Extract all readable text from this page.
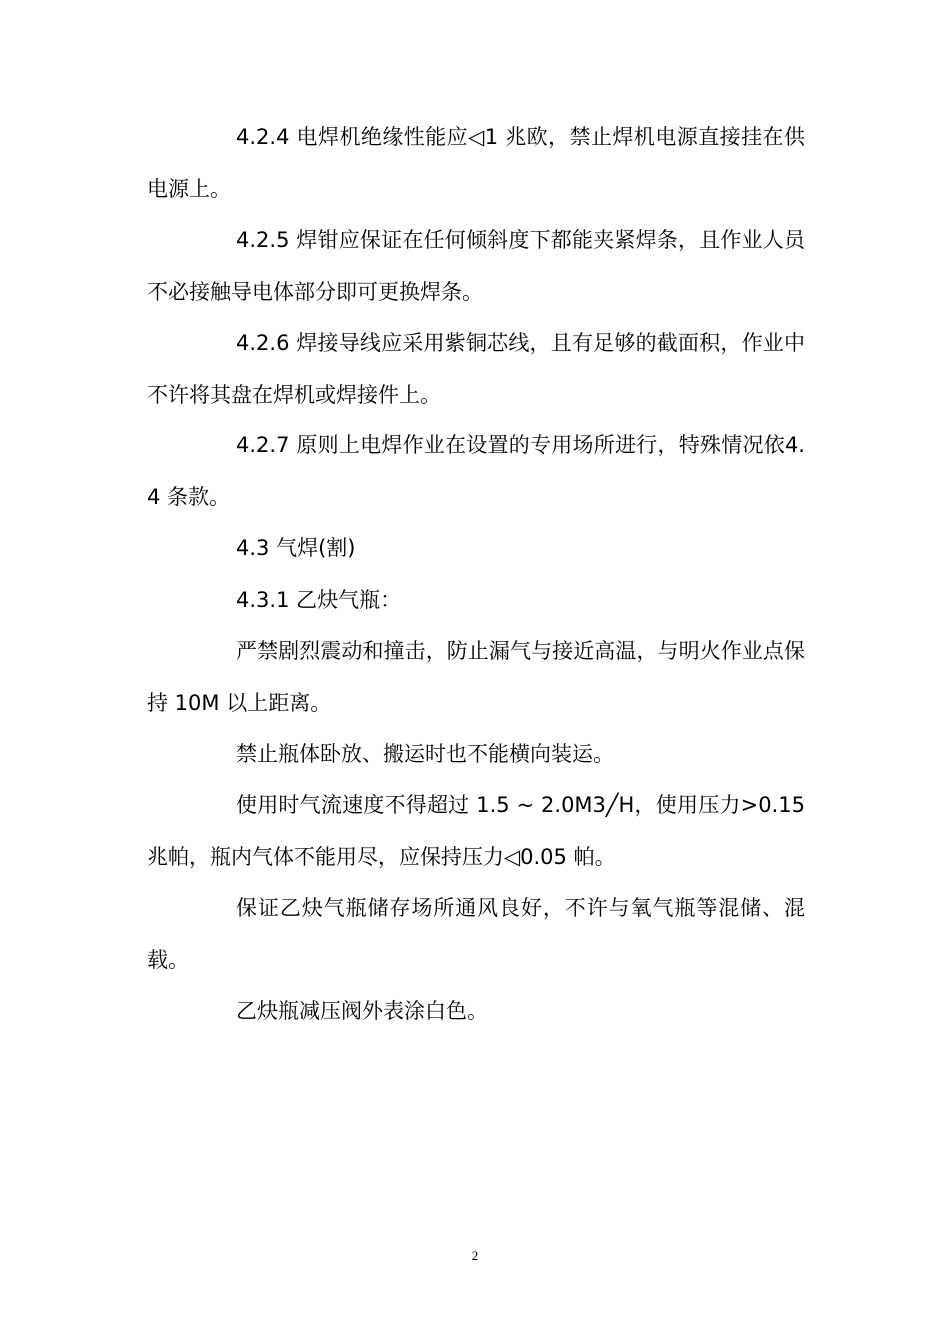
4.2.4 电焊机绝缘性能应◁1 兆欧，禁止焊机电源直接挂在供电源上。

4.2.5 焊钳应保证在任何倾斜度下都能夹紧焊条，且作业人员不必接触导电体部分即可更换焊条。

4.2.6 焊接导线应采用紫铜芯线，且有足够的截面积，作业中不许将其盘在焊机或焊接件上。

4.2.7 原则上电焊作业在设置的专用场所进行，特殊情况依4.4 条款。

4.3 气焊(割)

4.3.1 乙炔气瓶：

严禁剧烈震动和撞击，防止漏气与接近高温，与明火作业点保持 10M 以上距离。

禁止瓶体卧放、搬运时也不能横向装运。

使用时气流速度不得超过 1.5 ~ 2.0M3╱H，使用压力>0.15 兆帕，瓶内气体不能用尽，应保持压力◁0.05 帕。

保证乙炔气瓶储存场所通风良好，不许与氧气瓶等混储、混载。

乙炔瓶减压阀外表涂白色。

2
